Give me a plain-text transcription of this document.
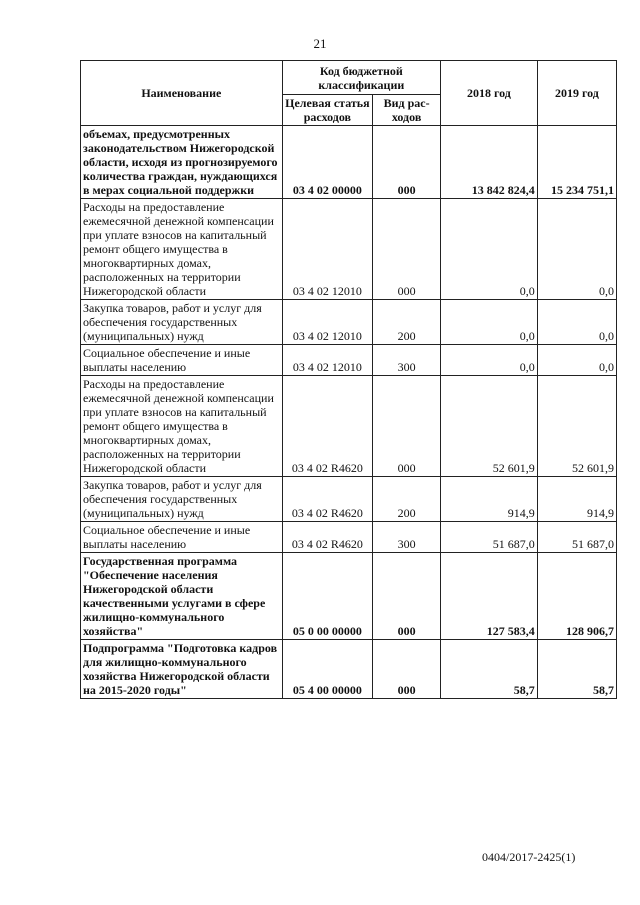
21
Наименование	Код бюджетной классификации		2018 год	2019 год
	Целевая статья расходов	Вид рас-ходов		
объемах, предусмотренных законодательством Нижегородской области, исходя из прогнозируемого количества граждан, нуждающихся в мерах социальной поддержки	03 4 02 00000	000	13 842 824,4	15 234 751,1
Расходы на предоставление ежемесячной денежной компенсации при уплате взносов на капитальный ремонт общего имущества в многоквартирных домах, расположенных на территории Нижегородской области	03 4 02 12010	000	0,0	0,0
Закупка товаров, работ и услуг для обеспечения государственных (муниципальных) нужд	03 4 02 12010	200	0,0	0,0
Социальное обеспечение и иные выплаты населению	03 4 02 12010	300	0,0	0,0
Расходы на предоставление ежемесячной денежной компенсации при уплате взносов на капитальный ремонт общего имущества в многоквартирных домах, расположенных на территории Нижегородской области	03 4 02 R4620	000	52 601,9	52 601,9
Закупка товаров, работ и услуг для обеспечения государственных (муниципальных) нужд	03 4 02 R4620	200	914,9	914,9
Социальное обеспечение и иные выплаты населению	03 4 02 R4620	300	51 687,0	51 687,0
Государственная программа "Обеспечение населения Нижегородской области качественными услугами в сфере жилищно-коммунального хозяйства"	05 0 00 00000	000	127 583,4	128 906,7
Подпрограмма "Подготовка кадров для жилищно-коммунального хозяйства Нижегородской области на 2015-2020 годы"	05 4 00 00000	000	58,7	58,7
0404/2017-2425(1)
